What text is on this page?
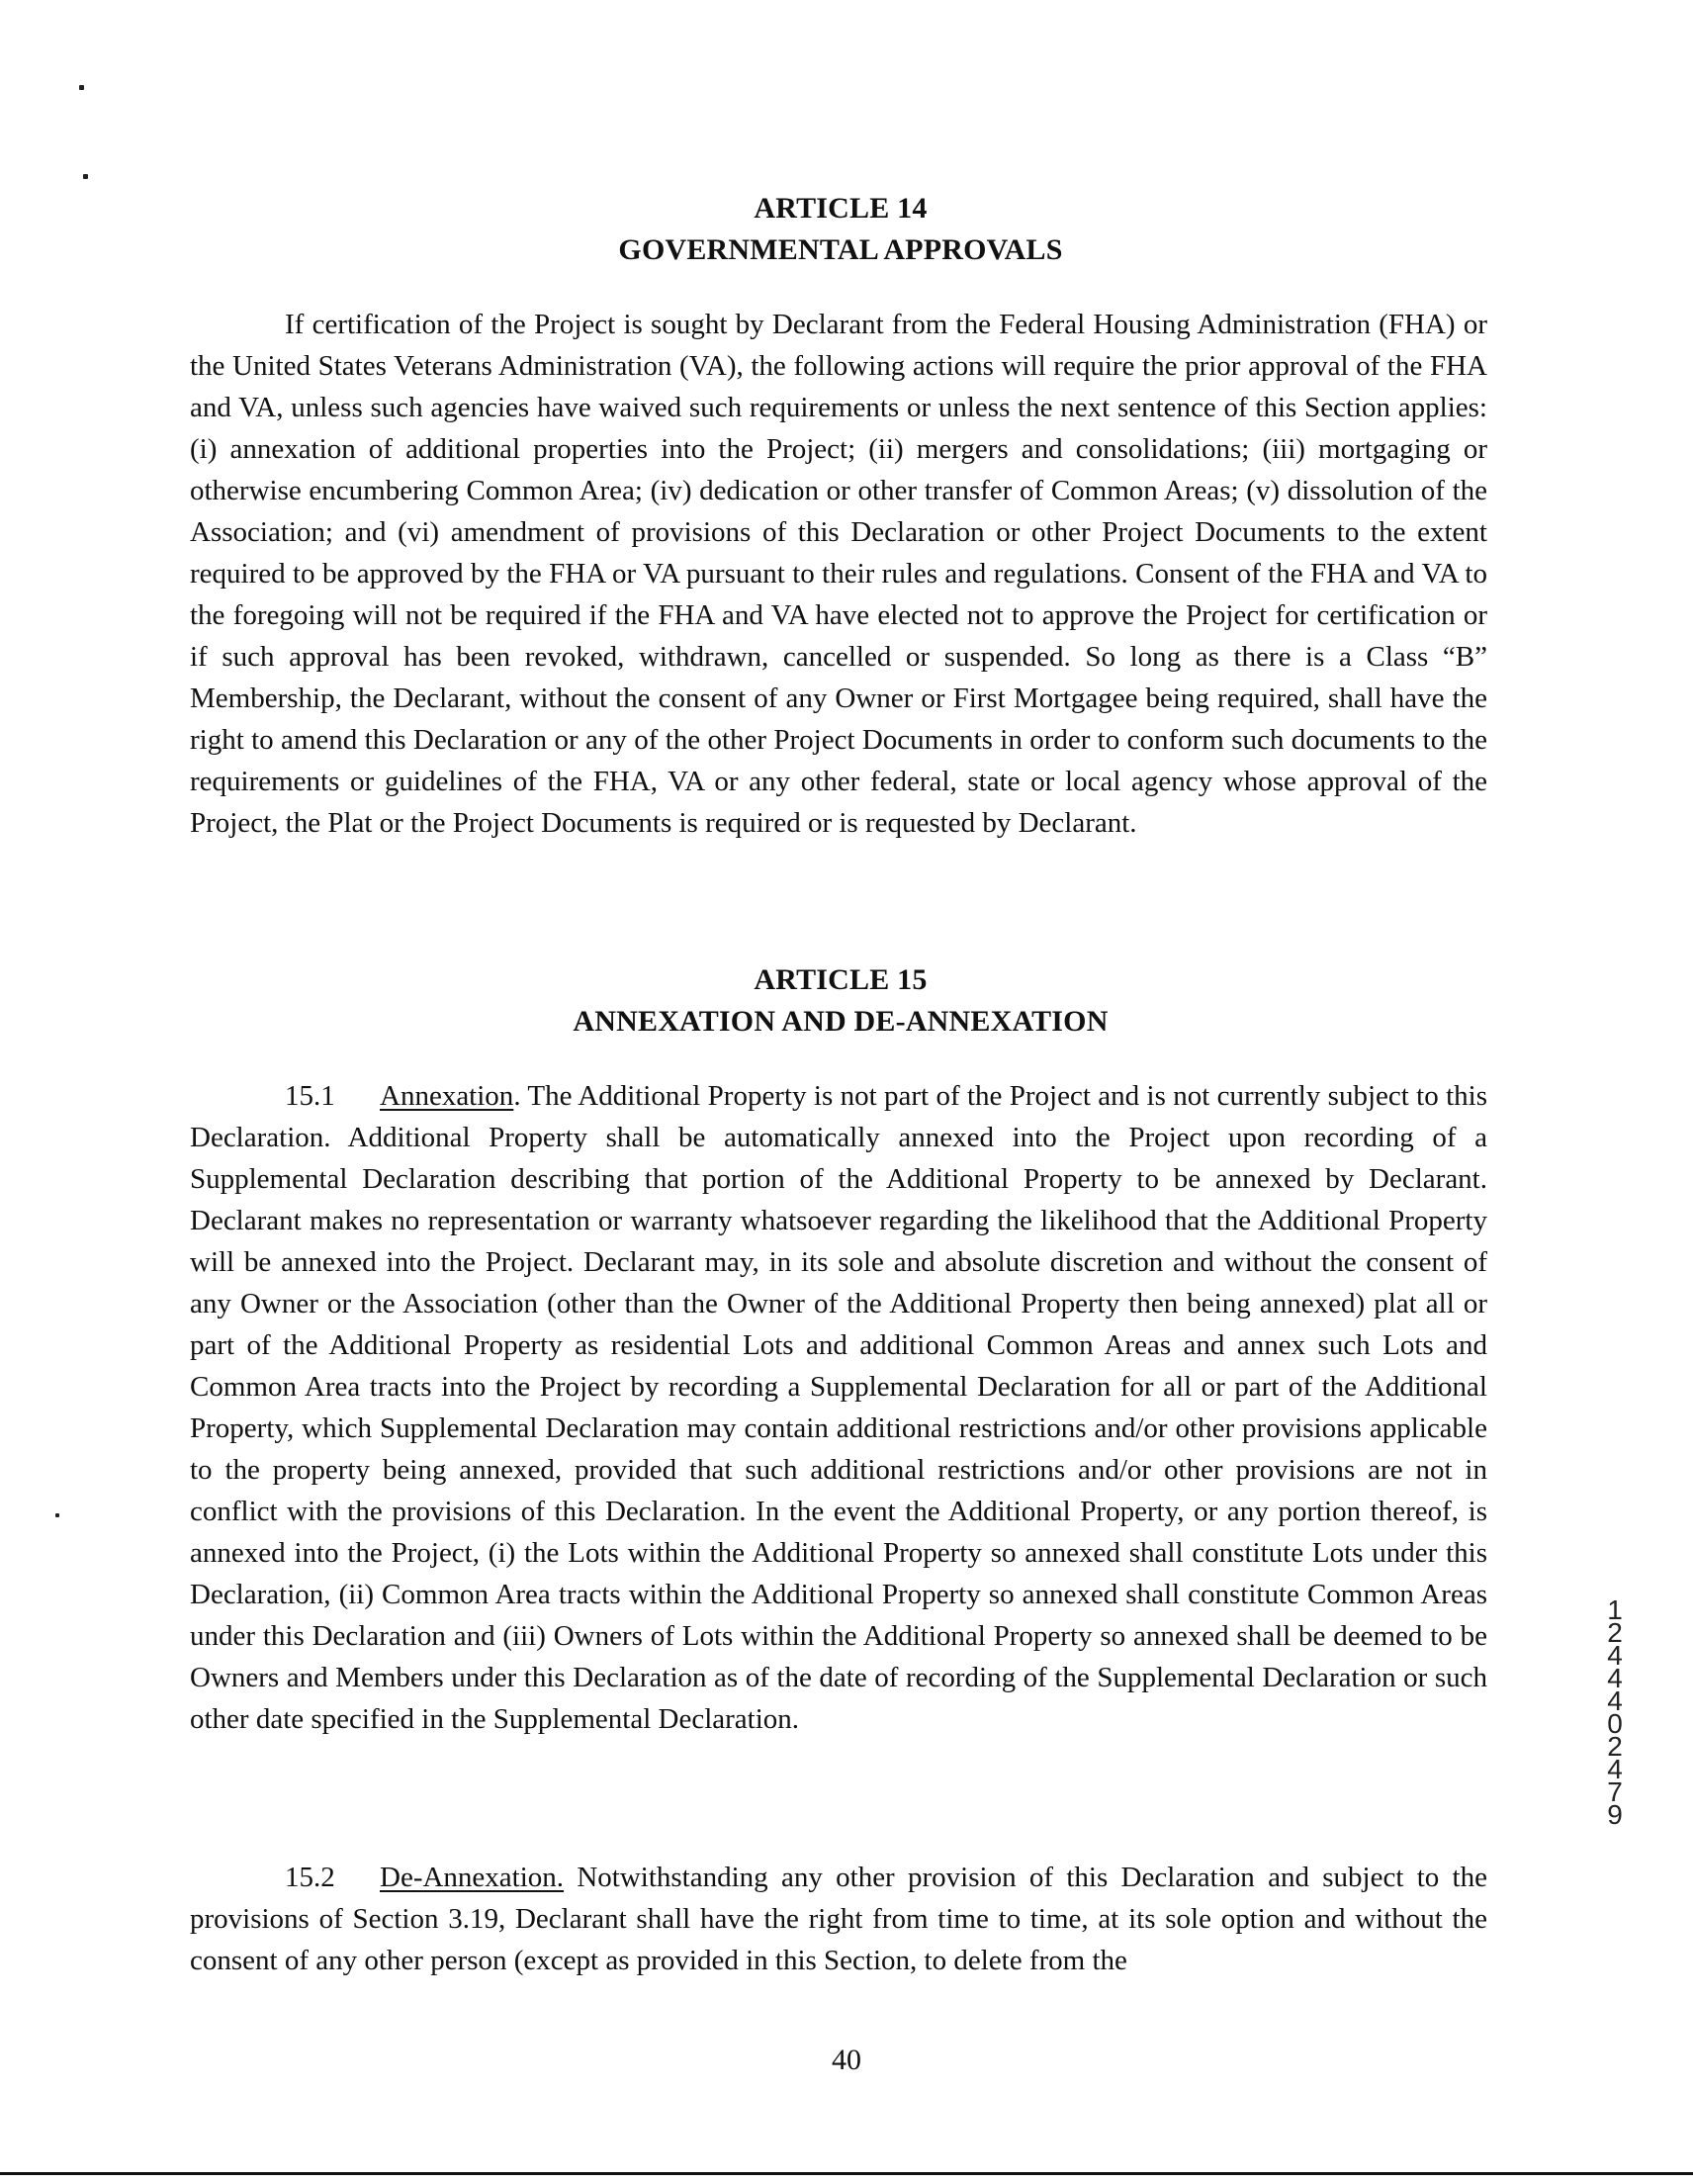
ARTICLE 14
GOVERNMENTAL APPROVALS

If certification of the Project is sought by Declarant from the Federal Housing Administration (FHA) or the United States Veterans Administration (VA), the following actions will require the prior approval of the FHA and VA, unless such agencies have waived such requirements or unless the next sentence of this Section applies: (i) annexation of additional properties into the Project; (ii) mergers and consolidations; (iii) mortgaging or otherwise encumbering Common Area; (iv) dedication or other transfer of Common Areas; (v) dissolution of the Association; and (vi) amendment of provisions of this Declaration or other Project Documents to the extent required to be approved by the FHA or VA pursuant to their rules and regulations. Consent of the FHA and VA to the foregoing will not be required if the FHA and VA have elected not to approve the Project for certification or if such approval has been revoked, withdrawn, cancelled or suspended. So long as there is a Class “B” Membership, the Declarant, without the consent of any Owner or First Mortgagee being required, shall have the right to amend this Declaration or any of the other Project Documents in order to conform such documents to the requirements or guidelines of the FHA, VA or any other federal, state or local agency whose approval of the Project, the Plat or the Project Documents is required or is requested by Declarant.

ARTICLE 15
ANNEXATION AND DE-ANNEXATION

15.1 Annexation. The Additional Property is not part of the Project and is not currently subject to this Declaration. Additional Property shall be automatically annexed into the Project upon recording of a Supplemental Declaration describing that portion of the Additional Property to be annexed by Declarant. Declarant makes no representation or warranty whatsoever regarding the likelihood that the Additional Property will be annexed into the Project. Declarant may, in its sole and absolute discretion and without the consent of any Owner or the Association (other than the Owner of the Additional Property then being annexed) plat all or part of the Additional Property as residential Lots and additional Common Areas and annex such Lots and Common Area tracts into the Project by recording a Supplemental Declaration for all or part of the Additional Property, which Supplemental Declaration may contain additional restrictions and/or other provisions applicable to the property being annexed, provided that such additional restrictions and/or other provisions are not in conflict with the provisions of this Declaration. In the event the Additional Property, or any portion thereof, is annexed into the Project, (i) the Lots within the Additional Property so annexed shall constitute Lots under this Declaration, (ii) Common Area tracts within the Additional Property so annexed shall constitute Common Areas under this Declaration and (iii) Owners of Lots within the Additional Property so annexed shall be deemed to be Owners and Members under this Declaration as of the date of recording of the Supplemental Declaration or such other date specified in the Supplemental Declaration.

15.2 De-Annexation. Notwithstanding any other provision of this Declaration and subject to the provisions of Section 3.19, Declarant shall have the right from time to time, at its sole option and without the consent of any other person (except as provided in this Section, to delete from the

1244402479
40
